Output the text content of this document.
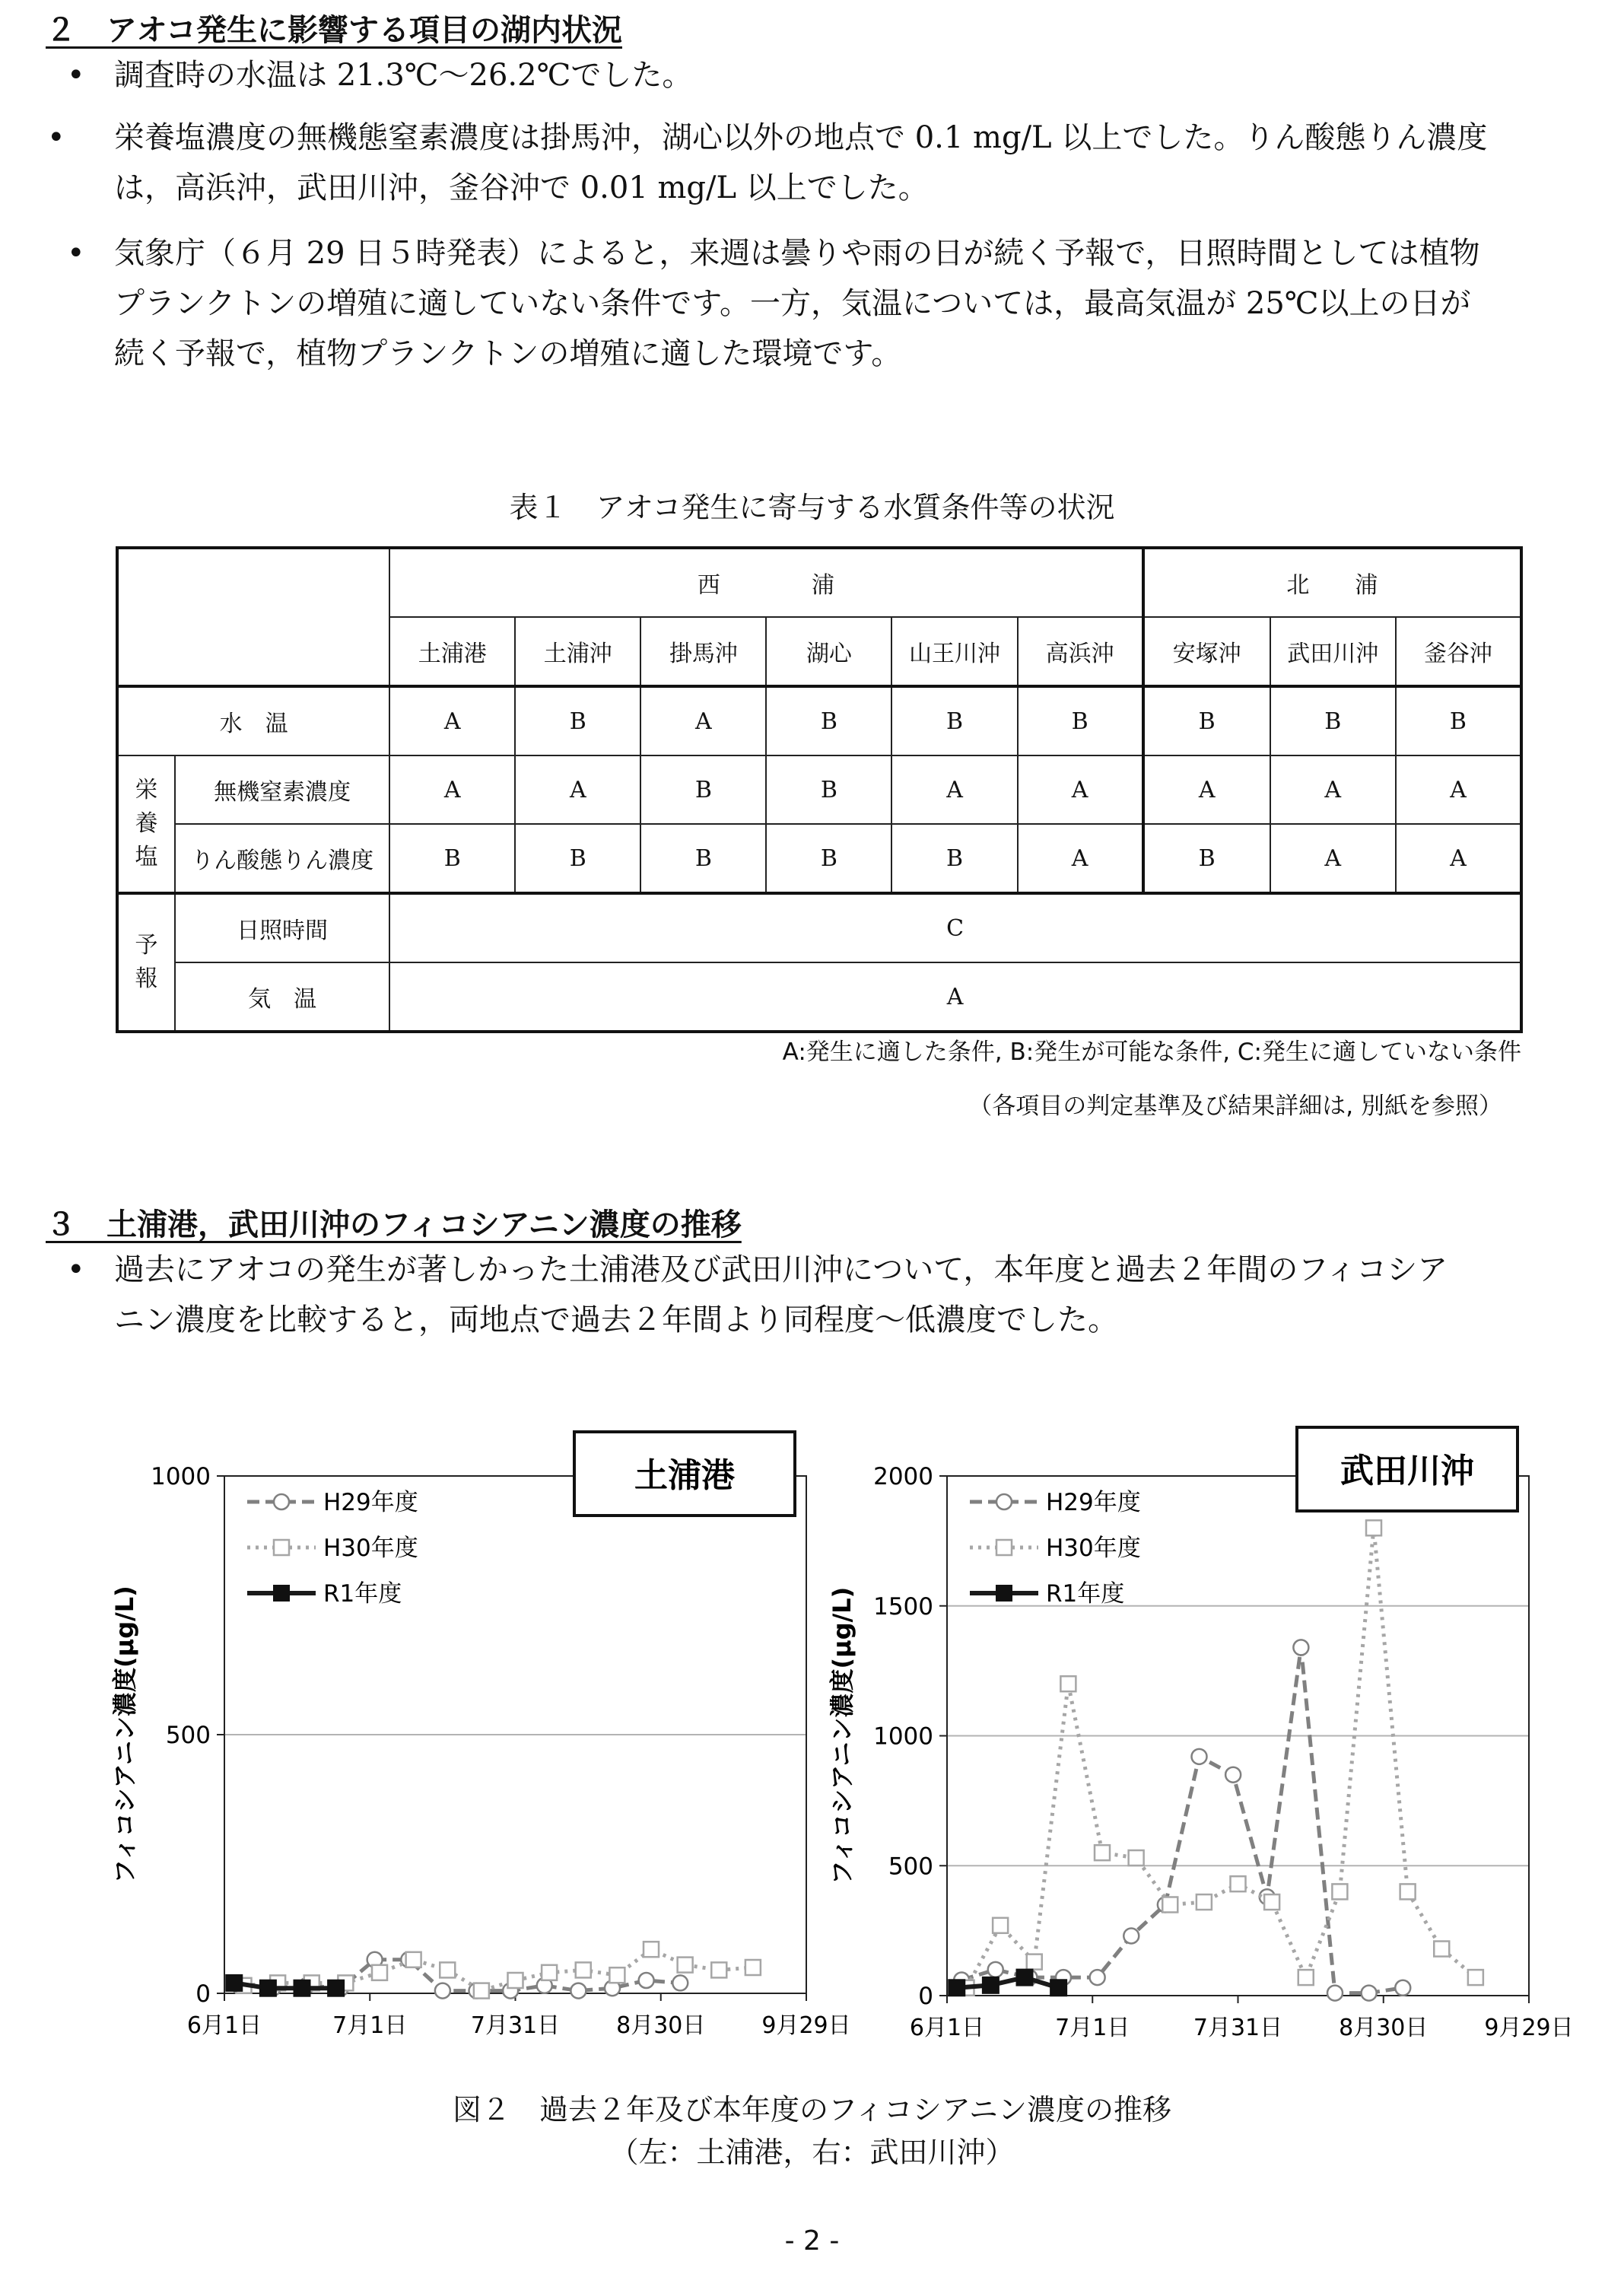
２　アオコ発生に影響する項目の湖内状況
• 調査時の水温は 21.3℃～26.2℃でした。
• 栄養塩濃度の無機態窒素濃度は掛馬沖，湖心以外の地点で 0.1 mg/L 以上でした。りん酸態りん濃度
は，高浜沖，武田川沖，釜谷沖で 0.01 mg/L 以上でした。
• 気象庁（６月 29 日５時発表）によると，来週は曇りや雨の日が続く予報で，日照時間としては植物
プランクトンの増殖に適していない条件です。一方，気温については，最高気温が 25℃以上の日が
続く予報で，植物プランクトンの増殖に適した環境です。
表１　アオコ発生に寄与する水質条件等の状況
		西　　　　浦						北　　浦		
		土浦港	土浦沖	掛馬沖	湖心	山王川沖	高浜沖	安塚沖	武田川沖	釜谷沖
水　温		A	B	A	B	B	B	B	B	B
栄
養
塩	無機窒素濃度	A	A	B	B	A	A	A	A	A
	りん酸態りん濃度	B	B	B	B	B	A	B	A	A
予
報	日照時間	C								
	気　温	A								
A:発生に適した条件, B:発生が可能な条件, C:発生に適していない条件
（各項目の判定基準及び結果詳細は, 別紙を参照）
３　土浦港，武田川沖のフィコシアニン濃度の推移
• 過去にアオコの発生が著しかった土浦港及び武田川沖について，本年度と過去２年間のフィコシア
ニン濃度を比較すると，両地点で過去２年間より同程度～低濃度でした。
0
500
1000
6月1日	7月1日	7月31日 8月30日 9月29日
フィコシアニン濃度(μg/L)
H29年度
H30年度
R1年度
土浦港
0
500
1000
1500
2000
6月1日	7月1日	7月31日 8月30日 9月29日
フィコシアニン濃度(μg/L)
H29年度
H30年度
R1年度
武田川沖
図２　過去２年及び本年度のフィコシアニン濃度の推移
（左：土浦港，右：武田川沖）
- 2 -
